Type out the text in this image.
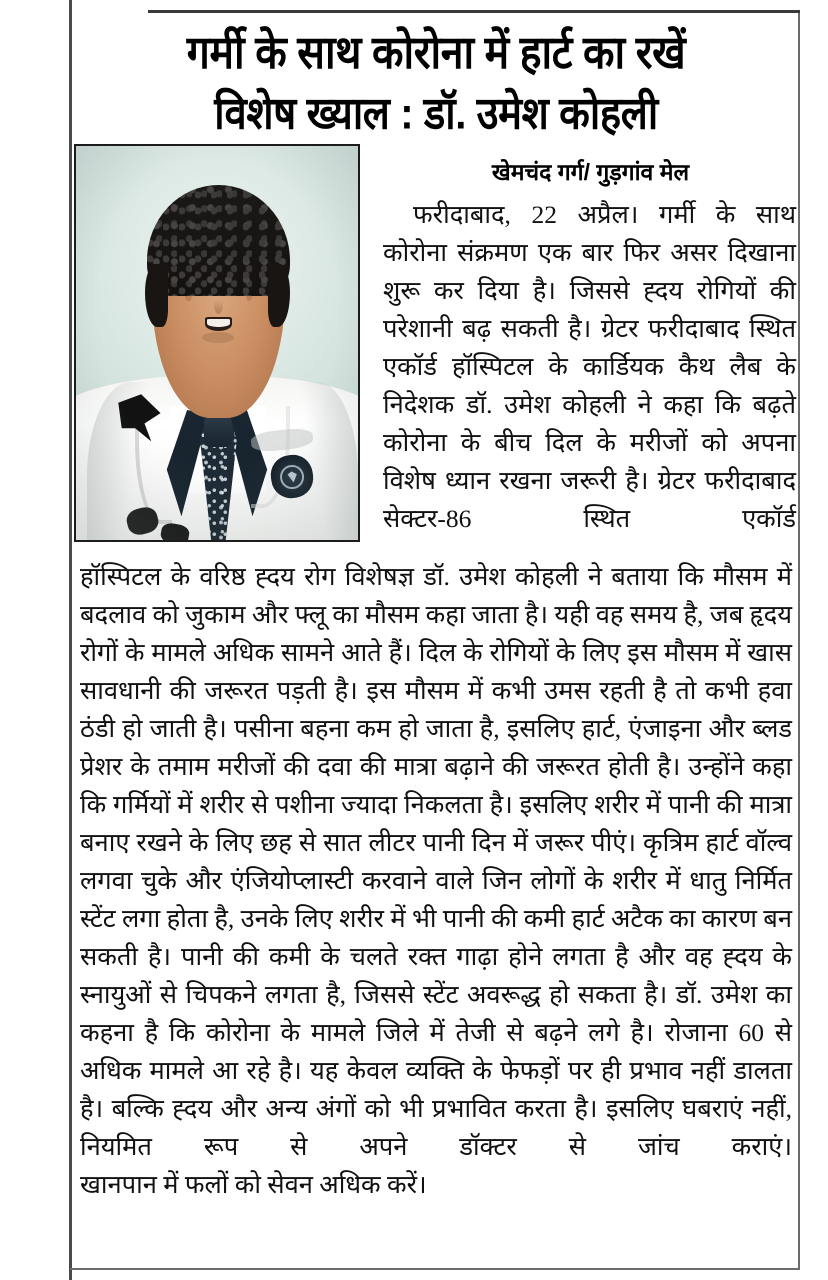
गर्मी के साथ कोरोना में हार्ट का रखें
विशेष ख्याल : डॉ. उमेश कोहली
खेमचंद गर्ग/ गुड़गांव मेल

फरीदाबाद, 22 अप्रैल। गर्मी के साथ कोरोना संक्रमण एक बार फिर असर दिखाना शुरू कर दिया है। जिससे ह्दय रोगियों की परेशानी बढ़ सकती है। ग्रेटर फरीदाबाद स्थित एकॉर्ड हॉस्पिटल के कार्डियक कैथ लैब के निदेशक डॉ. उमेश कोहली ने कहा कि बढ़ते कोरोना के बीच दिल के मरीजों को अपना विशेष ध्यान रखना जरूरी है। ग्रेटर फरीदाबाद सेक्टर-86 स्थित एकॉर्ड

हॉस्पिटल के वरिष्ठ ह्दय रोग विशेषज्ञ डॉ. उमेश कोहली ने बताया कि मौसम में बदलाव को जुकाम और फ्लू का मौसम कहा जाता है। यही वह समय है, जब हृदय रोगों के मामले अधिक सामने आते हैं। दिल के रोगियों के लिए इस मौसम में खास सावधानी की जरूरत पड़ती है। इस मौसम में कभी उमस रहती है तो कभी हवा ठंडी हो जाती है। पसीना बहना कम हो जाता है, इसलिए हार्ट, एंजाइना और ब्लड प्रेशर के तमाम मरीजों की दवा की मात्रा बढ़ाने की जरूरत होती है। उन्होंने कहा कि गर्मियों में शरीर से पशीना ज्यादा निकलता है। इसलिए शरीर में पानी की मात्रा बनाए रखने के लिए छह से सात लीटर पानी दिन में जरूर पीएं। कृत्रिम हार्ट वॉल्व लगवा चुके और एंजियोप्लास्टी करवाने वाले जिन लोगों के शरीर में धातु निर्मित स्टेंट लगा होता है, उनके लिए शरीर में भी पानी की कमी हार्ट अटैक का कारण बन सकती है। पानी की कमी के चलते रक्त गाढ़ा होने लगता है और वह ह्दय के स्नायुओं से चिपकने लगता है, जिससे स्टेंट अवरूद्ध हो सकता है। डॉ. उमेश का कहना है कि कोरोना के मामले जिले में तेजी से बढ़ने लगे है। रोजाना 60 से अधिक मामले आ रहे है। यह केवल व्यक्ति के फेफड़ों पर ही प्रभाव नहीं डालता है। बल्कि ह्दय और अन्य अंगों को भी प्रभावित करता है। इसलिए घबराएं नहीं, नियमित रूप से अपने डॉक्टर से जांच कराएं।

खानपान में फलों को सेवन अधिक करें।
